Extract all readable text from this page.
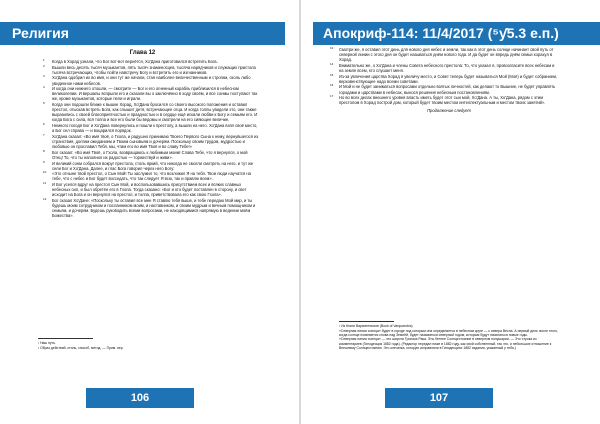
Религия
Глава 12
1 Когда в Хорад узнали, что Бог вот-вот вернётся, Хо'Дана приготовился встретить Бога.
2 Вышли весь десять тысяч музыкантов, пять тысяч знаменосцев, тысяча нарядчиков и служащих пристола тысяча встречающих, чтобы пойти навстречу Богу и встретить его и изгнанников.
3 Хо'Дана одобрил их во имя, и они тут же начали, стая наиболее величественным и строгим, сколь либо увиденное нами небесов.
4 И когда они нижнего отошли, — смотрите — Бог и его огненный корабль приблизился в небесном великолепии. И вершалы вспрыли его и сказали вы о заключённо в ходу своём, и все сонмы поступают так же, кроме музыкантов, которые пели и играли.
5 Когда они подошли ближе к вышке Хорад, Хо'Дана бросился со своего высокого положения и оставил престол, отыскав встреть Бога, как слышит детя, встречающее отца. И когда толпы увидели это, они также выразились с своей благоприятностью и праздностью и в сердце ещё искали любви к Богу и семьям его. И когда Бога с сила, вся толпа и все его были бы ведомы и смотрели на его сияющее величие.
6 Немного погодя Бог и Хо'Дана повернулись и пошли к престолу, а вышли на него. Хо'Дана взял своё место, а Бог сел справа — и воцарился порядок.
7 Хо'Дана сказал: «Во имя твоё, о Гхола, и радушно принимаю Твоего Первого Сына к нему, вернувшегося из странствия, долгим ожиданием и Твоим сыновьям и дочерям. Поскольку своим трудом, мудростью и любовью он прославил Тебя, мы, чтим его во имя Твоё и во славу Тебе!»
8 Бог сказал: «Во имя Твоё, о Гхола, возвращаюсь к любимым моим! Слава Тебе, что я вернулся, о мой Отец! То, что ты наполнил их радостью — торжествуй и живи».
9 И великий сонм собрался вокруг престола, столь яркий, что никогда не смогли смотреть на него, и тут же сели Бог и Хо'Дана. Далее, и глас Бога говорил через него Богу:
10 «Это отныне твой престол, о Сын Мой! Ты заслужил то, что возложил Я на тебя. Твои люди научатся на тебе, что с небес и Бог будет восседать, что так следует Я всю, так и правлю всем».
11 И Бог уселся вдруг на престол Сын Мой, и воспользовавшись присутствием всех и всяких славных небесных сил, и был обретён его в Гхола. Тогда сказано: «Бог и кто будет поставлен в сторону, и свет исходит на Бога и он вернулся на престол, и толпа, приветствовала его как свою Гхола».
12 Бог сказал Хо'Дане: «Поскольку ты оставил все мне Я ставлю тебя выше, и тебе передаю Мой мир, и ты будешь моим сотрудником и посланником моим, и наставником, и своим мудрым и вечным помощником и семьям, и дочерям. Будешь руководить всеми вопросами, не находящимися напрямую в ведении моём Божества».
¹ Наш путь.
² Образ действий, стиль, способ, метод. — Прим. пер.
106
Апокриф-114: 11/4/2017 (⁵ƴ5.3 е.п.)
13 Смотри же, я оставил этот день для нового дня небес и земли, так как в этот день солнце начинает свой путь от северной линии с этого дня он будет называться днём нового года. И да будет он впредь днём семьи хорахул в Хорад.
14 Внимательно же, о Хо'Дана и члены Совета небесного престола: То, что указал я, провозгласите всех небесам и на земле всем, кто слушает меня.
15 Из-за увлечения царства Хорад я увеличу место, и Совет теперь будет называться Мой (Моё) и будет собранием, верховенствующее надо всеми советами.
16 И Мой и не будет заниматься вопросами отдельно взятых личностей, как делают то Вышние, не будет управлять городами и царствами в небесах, вынося решения небесным постановлениям.
17 Но во всех делах внешнего уровня власть иметь будет этот сын мой, Хо'Дана. А ты, Хо'Дана, рядом с этим престолом в Хорад построй дом, который будет твоим местом интеллектуальным и местом твоих занятий».
Продолжение следует
¹ Из Книги Вараченныхов (Book of Varquandos)
«Северная линия солнца» будет в городе под которым она определяется в небесном круге — с севера Весна. А первый день после этого, когда солнце появляется снова над Землёй, будет называться северный годом, которым будут начинаться новые годы.
«Северная линия солнца» — это широта Тропика Рака. Эта Летнее Солнцестояние в северном полушарии. — Это строка из комментариев (Гиподесция 1882 года). (Редактор передал ниже в 1882 году, как свой собственный, так что, и небольшое отношение к Внешнему Солнцестоянию. Это опечатка, которую исправляли в Гиподесциях 1882 издания, указанный у тебя.)
107
